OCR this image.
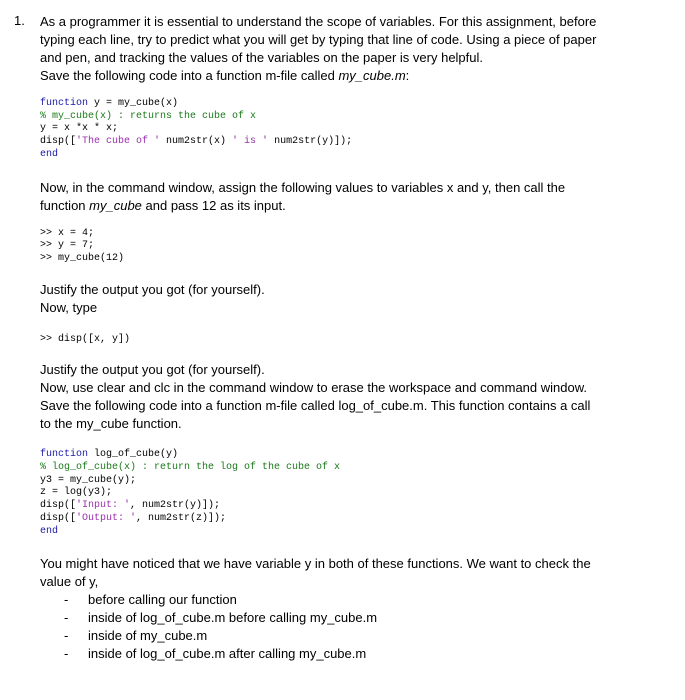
1. As a programmer it is essential to understand the scope of variables. For this assignment, before
typing each line, try to predict what you will get by typing that line of code. Using a piece of paper
and pen, and tracking the values of the variables on the paper is very helpful.
Save the following code into a function m-file called my_cube.m:

function y = my_cube(x)
% my_cube(x) : returns the cube of x
y = x *x * x;
disp(['The cube of ' num2str(x) ' is ' num2str(y)]);
end

Now, in the command window, assign the following values to variables x and y, then call the
function my_cube and pass 12 as its input.

>> x = 4;
>> y = 7;
>> my_cube(12)

Justify the output you got (for yourself).
Now, type

>> disp([x, y])

Justify the output you got (for yourself).
Now, use clear and clc in the command window to erase the workspace and command window.
Save the following code into a function m-file called log_of_cube.m. This function contains a call
to the my_cube function.

function log_of_cube(y)
% log_of_cube(x) : return the log of the cube of x
y3 = my_cube(y);
z = log(y3);
disp(['Input: ', num2str(y)]);
disp(['Output: ', num2str(z)]);
end

You might have noticed that we have variable y in both of these functions. We want to check the
value of y,

- before calling our function
- inside of log_of_cube.m before calling my_cube.m
- inside of my_cube.m
- inside of log_of_cube.m after calling my_cube.m
